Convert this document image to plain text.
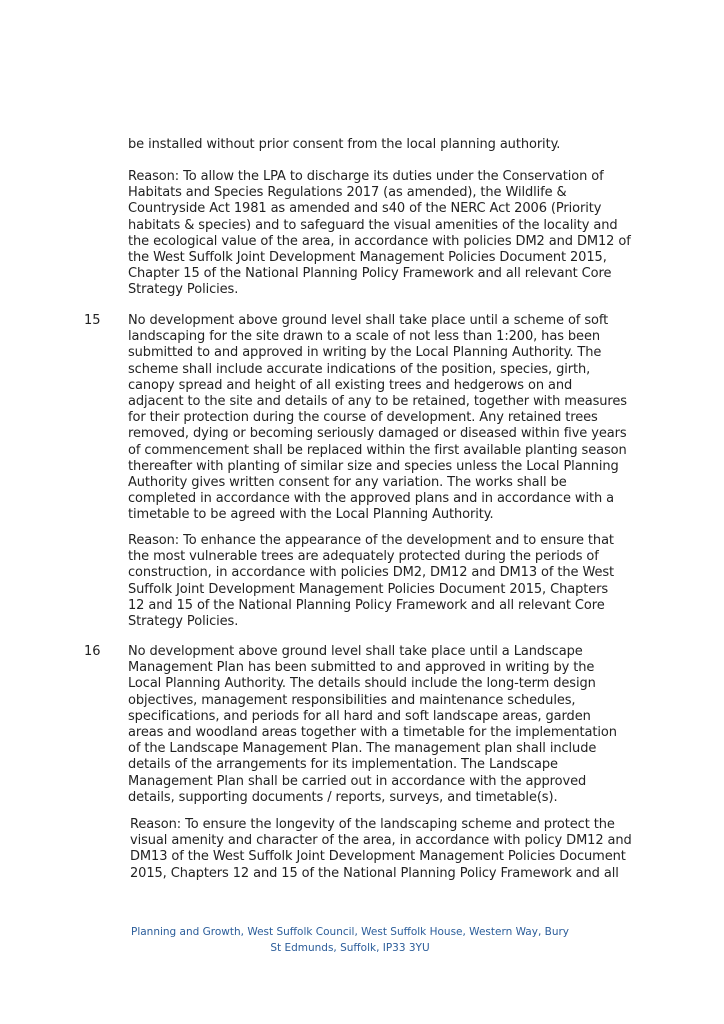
be installed without prior consent from the local planning authority.

Reason: To allow the LPA to discharge its duties under the Conservation of
Habitats and Species Regulations 2017 (as amended), the Wildlife &
Countryside Act 1981 as amended and s40 of the NERC Act 2006 (Priority
habitats & species) and to safeguard the visual amenities of the locality and
the ecological value of the area, in accordance with policies DM2 and DM12 of
the West Suffolk Joint Development Management Policies Document 2015,
Chapter 15 of the National Planning Policy Framework and all relevant Core
Strategy Policies.

15 No development above ground level shall take place until a scheme of soft
landscaping for the site drawn to a scale of not less than 1:200, has been
submitted to and approved in writing by the Local Planning Authority. The
scheme shall include accurate indications of the position, species, girth,
canopy spread and height of all existing trees and hedgerows on and
adjacent to the site and details of any to be retained, together with measures
for their protection during the course of development. Any retained trees
removed, dying or becoming seriously damaged or diseased within five years
of commencement shall be replaced within the first available planting season
thereafter with planting of similar size and species unless the Local Planning
Authority gives written consent for any variation. The works shall be
completed in accordance with the approved plans and in accordance with a
timetable to be agreed with the Local Planning Authority.

Reason: To enhance the appearance of the development and to ensure that
the most vulnerable trees are adequately protected during the periods of
construction, in accordance with policies DM2, DM12 and DM13 of the West
Suffolk Joint Development Management Policies Document 2015, Chapters
12 and 15 of the National Planning Policy Framework and all relevant Core
Strategy Policies.

16 No development above ground level shall take place until a Landscape
Management Plan has been submitted to and approved in writing by the
Local Planning Authority. The details should include the long-term design
objectives, management responsibilities and maintenance schedules,
specifications, and periods for all hard and soft landscape areas, garden
areas and woodland areas together with a timetable for the implementation
of the Landscape Management Plan. The management plan shall include
details of the arrangements for its implementation. The Landscape
Management Plan shall be carried out in accordance with the approved
details, supporting documents / reports, surveys, and timetable(s).

Reason: To ensure the longevity of the landscaping scheme and protect the
visual amenity and character of the area, in accordance with policy DM12 and
DM13 of the West Suffolk Joint Development Management Policies Document
2015, Chapters 12 and 15 of the National Planning Policy Framework and all

Planning and Growth, West Suffolk Council, West Suffolk House, Western Way, Bury
St Edmunds, Suffolk, IP33 3YU
